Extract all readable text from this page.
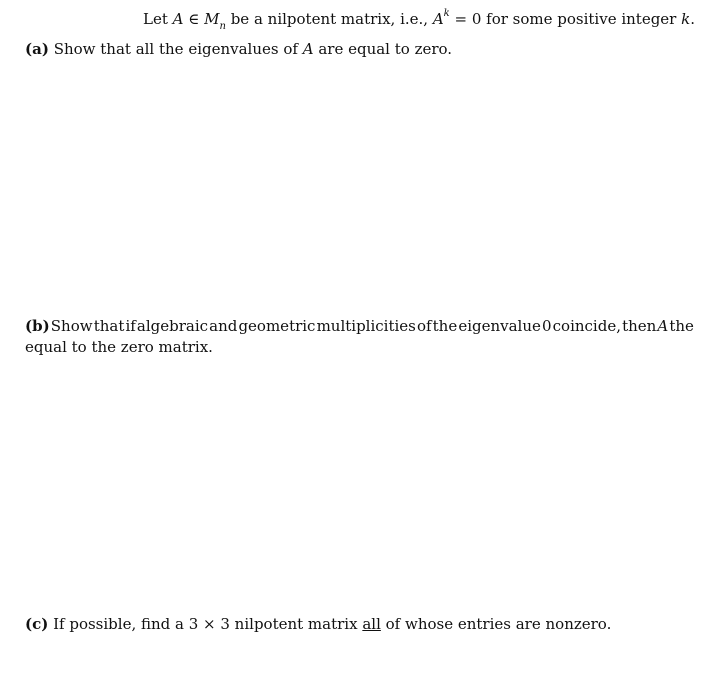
Let A ∈ $M_n$ be a nilpotent matrix, i.e., $A^k = 0$ for some positive integer k.
(a) Show that all the eigenvalues of A are equal to zero.
(b) Show that if algebraic and geometric multiplicities of the eigenvalue 0 coincide, then A the
equal to the zero matrix.
(c) If possible, find a 3 × 3 nilpotent matrix all of whose entries are nonzero.
